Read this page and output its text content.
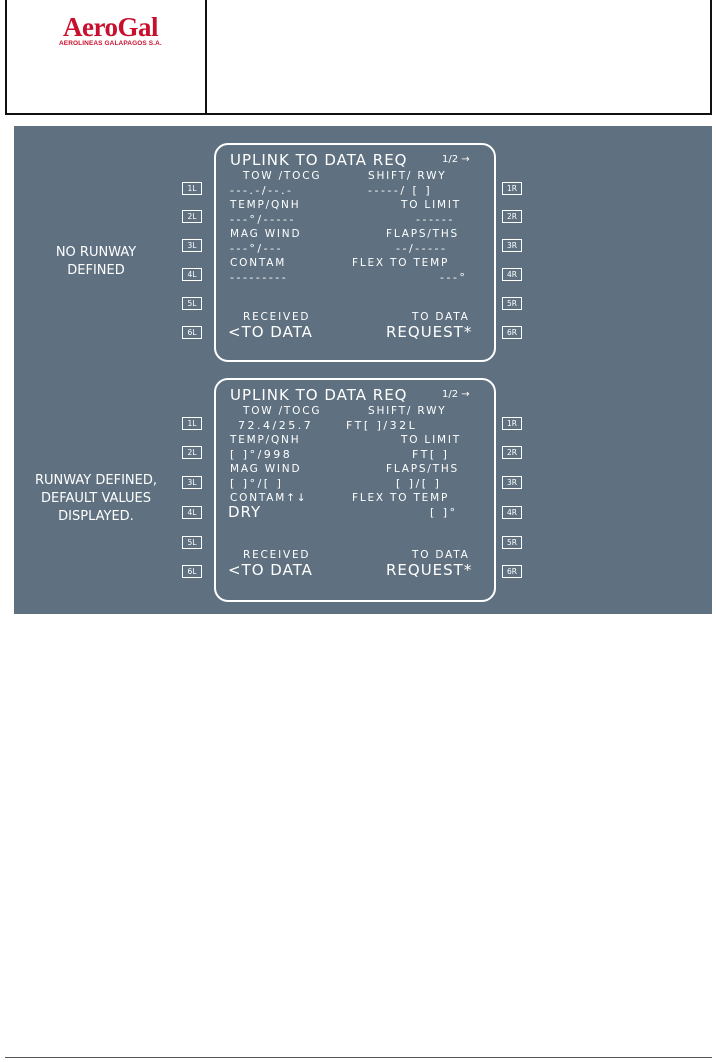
AeroGal
AEROLINEAS GALAPAGOS S.A.
NO RUNWAY
DEFINED
UPLINK TO DATA REQ	1/2 →
TOW /TOCG	SHIFT/ RWY
---.-/--.-	-----/ [ ]
TEMP/QNH	TO LIMIT
---°/-----	------
MAG WIND	FLAPS/THS
---°/---	--/-----
CONTAM	FLEX TO TEMP
---------	---°
RECEIVED	TO DATA
<TO DATA	REQUEST*
1L
2L
3L
4L
5L
6L
1R
2R
3R
4R
5R
6R
RUNWAY DEFINED,
DEFAULT VALUES
DISPLAYED.
UPLINK TO DATA REQ	1/2 →
TOW /TOCG	SHIFT/ RWY
72.4/25.7	FT[ ]/32L
TEMP/QNH	TO LIMIT
[ ]°/998	FT[ ]
MAG WIND	FLAPS/THS
[ ]°/[ ]	[ ]/[ ]
CONTAM↑↓	FLEX TO TEMP
DRY	[ ]°
RECEIVED	TO DATA
<TO DATA	REQUEST*
1L
2L
3L
4L
5L
6L
1R
2R
3R
4R
5R
6R
